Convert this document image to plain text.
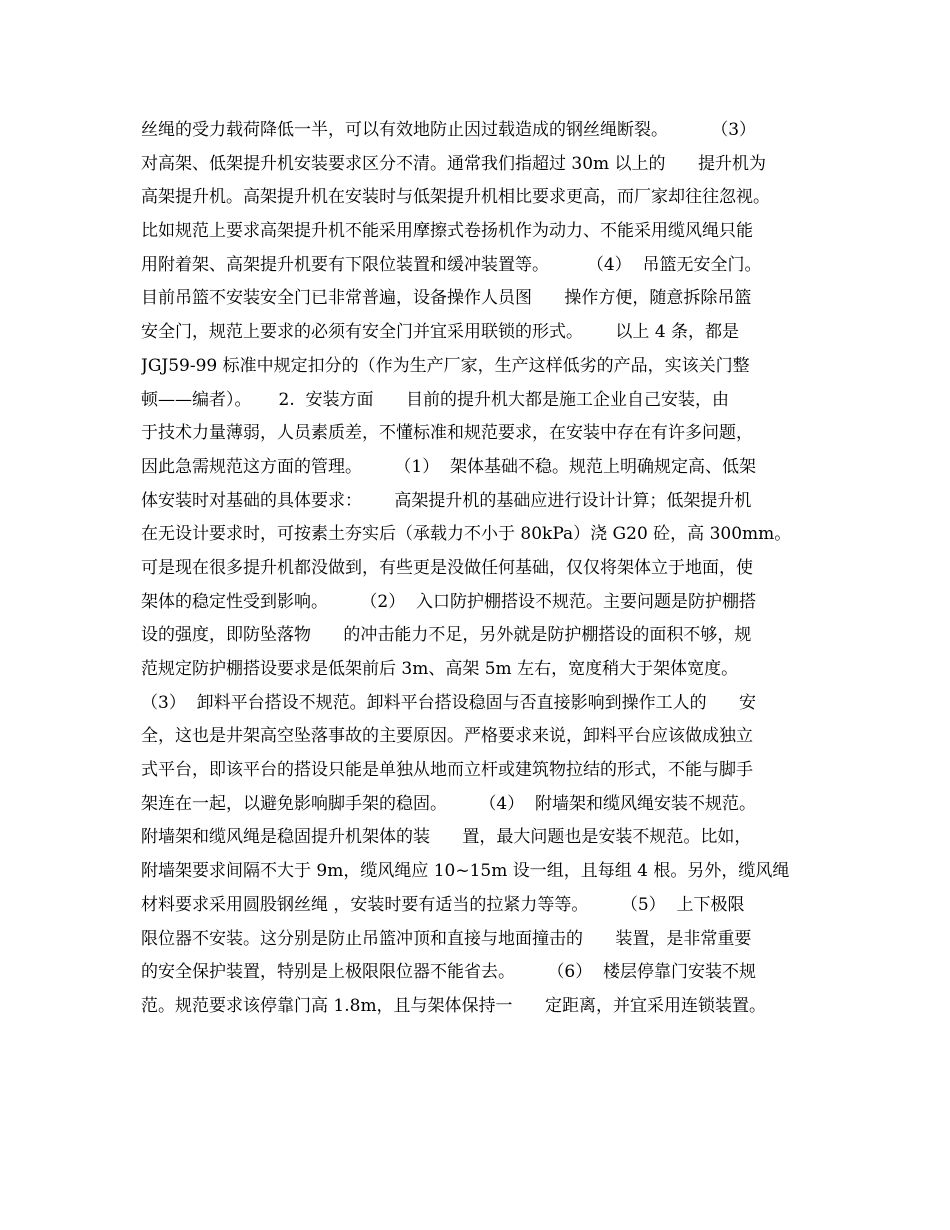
丝绳的受力载荷降低一半，可以有效地防止因过载造成的钢丝绳断裂。        （3）
对高架、低架提升机安装要求区分不清。通常我们指超过 30m 以上的      提升机为
高架提升机。高架提升机在安装时与低架提升机相比要求更高，而厂家却往往忽视。
比如规范上要求高架提升机不能采用摩擦式卷扬机作为动力、不能采用缆风绳只能
用附着架、高架提升机要有下限位装置和缓冲装置等。       （4）  吊篮无安全门。
目前吊篮不安装安全门已非常普遍，设备操作人员图      操作方便，随意拆除吊篮
安全门，规范上要求的必须有安全门并宜采用联锁的形式。      以上 4 条，都是
JGJ59-99 标准中规定扣分的（作为生产厂家，生产这样低劣的产品，实该关门整
顿——编者）。     2.  安装方面      目前的提升机大都是施工企业自己安装，由
于技术力量薄弱，人员素质差，不懂标准和规范要求，在安装中存在有许多问题，
因此急需规范这方面的管理。      （1）  架体基础不稳。规范上明确规定高、低架
体安装时对基础的具体要求：      高架提升机的基础应进行设计计算；低架提升机
在无设计要求时，可按素土夯实后（承载力不小于 80kPa）浇 G20 砼，高 300mm。
可是现在很多提升机都没做到，有些更是没做任何基础，仅仅将架体立于地面，使
架体的稳定性受到影响。      （2）  入口防护棚搭设不规范。主要问题是防护棚搭
设的强度，即防坠落物      的冲击能力不足，另外就是防护棚搭设的面积不够，规
范规定防护棚搭设要求是低架前后 3m、高架 5m 左右，宽度稍大于架体宽度。
（3）  卸料平台搭设不规范。卸料平台搭设稳固与否直接影响到操作工人的      安
全，这也是井架高空坠落事故的主要原因。严格要求来说，卸料平台应该做成独立
式平台，即该平台的搭设只能是单独从地而立杆或建筑物拉结的形式，不能与脚手
架连在一起，以避免影响脚手架的稳固。      （4）  附墙架和缆风绳安装不规范。
附墙架和缆风绳是稳固提升机架体的装      置，最大问题也是安装不规范。比如，
附墙架要求间隔不大于 9m，缆风绳应 10~15m 设一组，且每组 4 根。另外，缆风绳
材料要求采用圆股钢丝绳 ，安装时要有适当的拉紧力等等。      （5）  上下极限
限位器不安装。这分别是防止吊篮冲顶和直接与地面撞击的      装置，是非常重要
的安全保护装置，特别是上极限限位器不能省去。      （6）  楼层停靠门安装不规
范。规范要求该停靠门高 1.8m，且与架体保持一      定距离，并宜采用连锁装置。
